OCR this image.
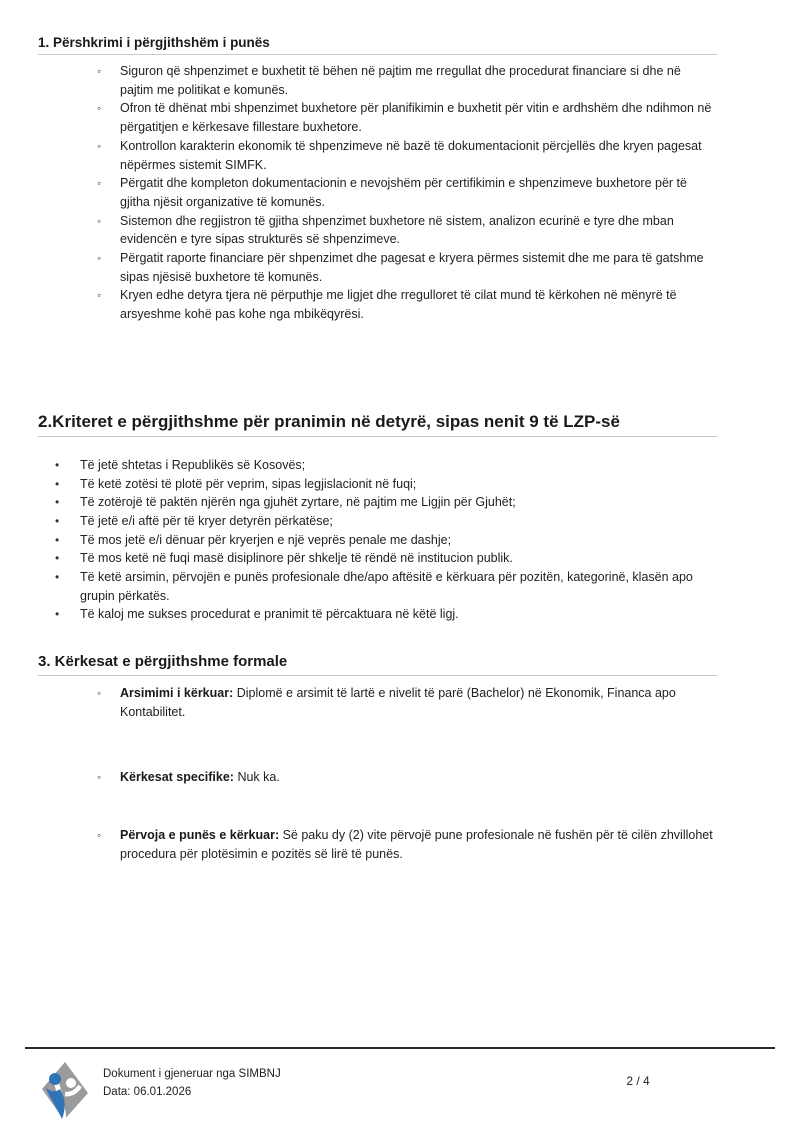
1. Përshkrimi i përgjithshëm i punës
◦ Siguron që shpenzimet e buxhetit të bëhen në pajtim me rregullat dhe procedurat financiare si dhe në pajtim me politikat e komunës.
◦ Ofron të dhënat mbi shpenzimet buxhetore për planifikimin e buxhetit për vitin e ardhshëm dhe ndihmon në përgatitjen e kërkesave fillestare buxhetore.
◦ Kontrollon karakterin ekonomik të shpenzimeve në bazë të dokumentacionit përcjellës dhe kryen pagesat nëpërmes sistemit SIMFK.
◦ Përgatit dhe kompleton dokumentacionin e nevojshëm për certifikimin e shpenzimeve buxhetore për të gjitha njësit organizative të komunës.
◦ Sistemon dhe regjistron të gjitha shpenzimet buxhetore në sistem, analizon ecurinë e tyre dhe mban evidencën e tyre sipas strukturës së shpenzimeve.
◦ Përgatit raporte financiare për shpenzimet dhe pagesat e kryera përmes sistemit dhe me para të gatshme sipas njësisë buxhetore të komunës.
◦ Kryen edhe detyra tjera në përputhje me ligjet dhe rregulloret të cilat mund të kërkohen në mënyrë të arsyeshme kohë pas kohe nga mbikëqyrësi.
2.Kriteret e përgjithshme për pranimin në detyrë, sipas nenit 9 të LZP-së
• Të jetë shtetas i Republikës së Kosovës;
• Të ketë zotësi të plotë për veprim, sipas legjislacionit në fuqi;
• Të zotërojë të paktën njërën nga gjuhët zyrtare, në pajtim me Ligjin për Gjuhët;
• Të jetë e/i aftë për të kryer detyrën përkatëse;
• Të mos jetë e/i dënuar për kryerjen e një veprës penale me dashje;
• Të mos ketë në fuqi masë disiplinore për shkelje të rëndë në institucion publik.
• Të ketë arsimin, përvojën e punës profesionale dhe/apo aftësitë e kërkuara për pozitën, kategorinë, klasën apo grupin përkatës.
• Të kaloj me sukses procedurat e pranimit të përcaktuara në këtë ligj.
3. Kërkesat e përgjithshme formale
◦ Arsimimi i kërkuar: Diplomë e arsimit të lartë e nivelit të parë (Bachelor) në Ekonomik, Financa apo Kontabilitet.
◦ Kërkesat specifike: Nuk ka.
◦ Përvoja e punës e kërkuar: Së paku dy (2) vite përvojë pune profesionale në fushën për të cilën zhvillohet procedura për plotësimin e pozitës së lirë të punës.
Dokument i gjeneruar nga SIMBNJ
Data: 06.01.2026
2 / 4
